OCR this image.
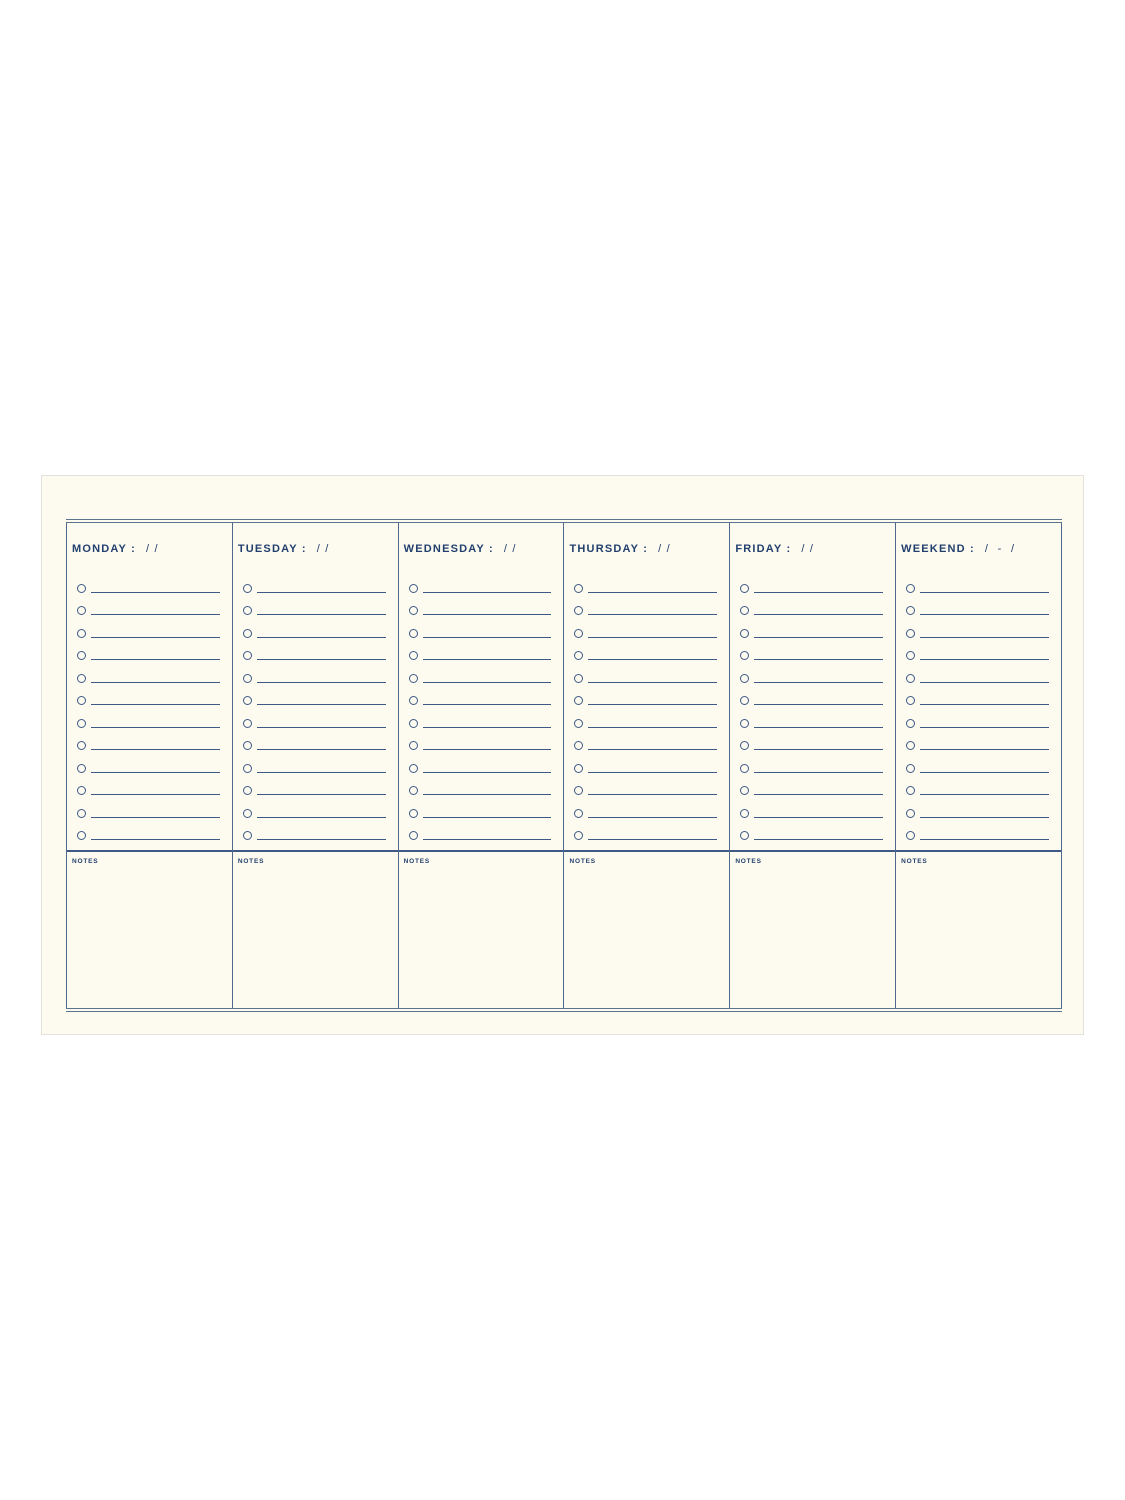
MONDAY : / /
NOTES
TUESDAY : / /
NOTES
WEDNESDAY : / /
NOTES
THURSDAY : / /
NOTES
FRIDAY : / /
NOTES
WEEKEND : /  -  /
NOTES
